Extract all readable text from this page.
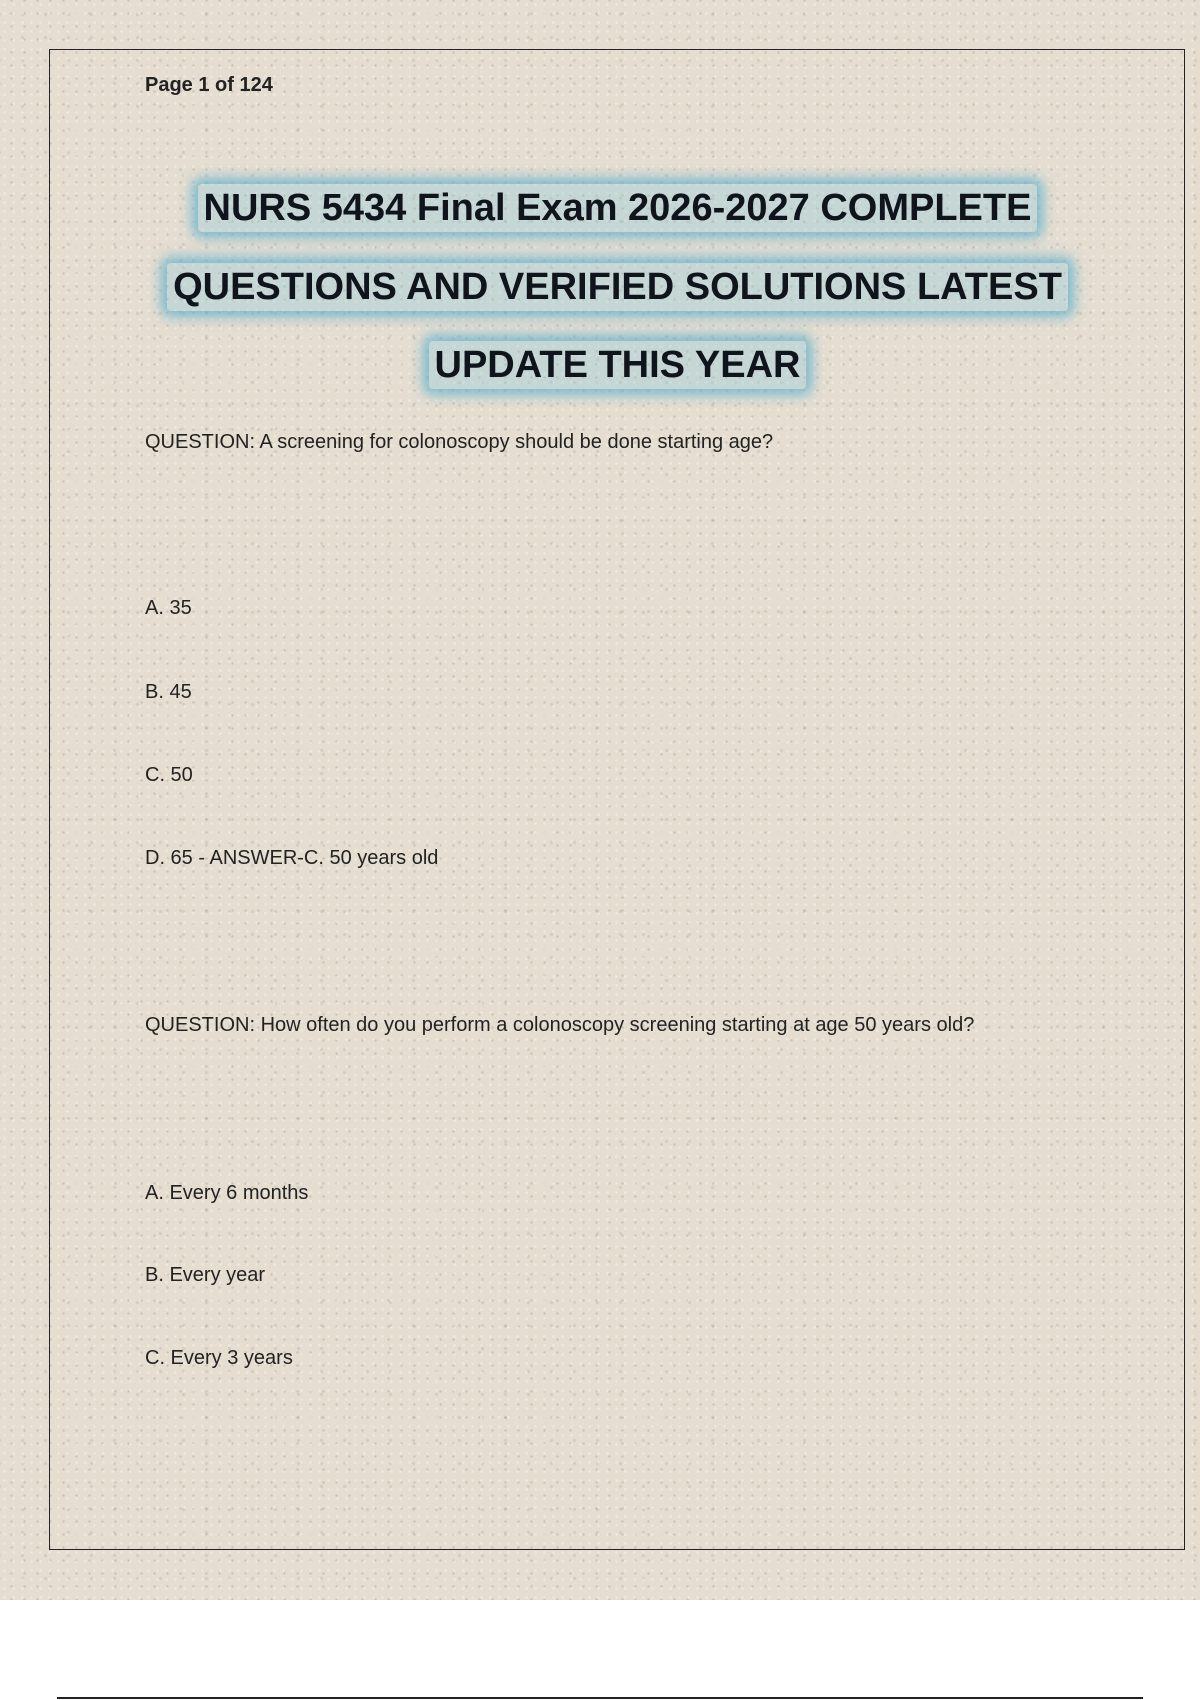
Page 1 of 124
NURS 5434 Final Exam 2026-2027 COMPLETE
QUESTIONS AND VERIFIED SOLUTIONS LATEST
UPDATE THIS YEAR
QUESTION: A screening for colonoscopy should be done starting age?
A. 35
B. 45
C. 50
D. 65 - ANSWER-C. 50 years old
QUESTION: How often do you perform a colonoscopy screening starting at age 50 years old?
A. Every 6 months
B. Every year
C. Every 3 years
